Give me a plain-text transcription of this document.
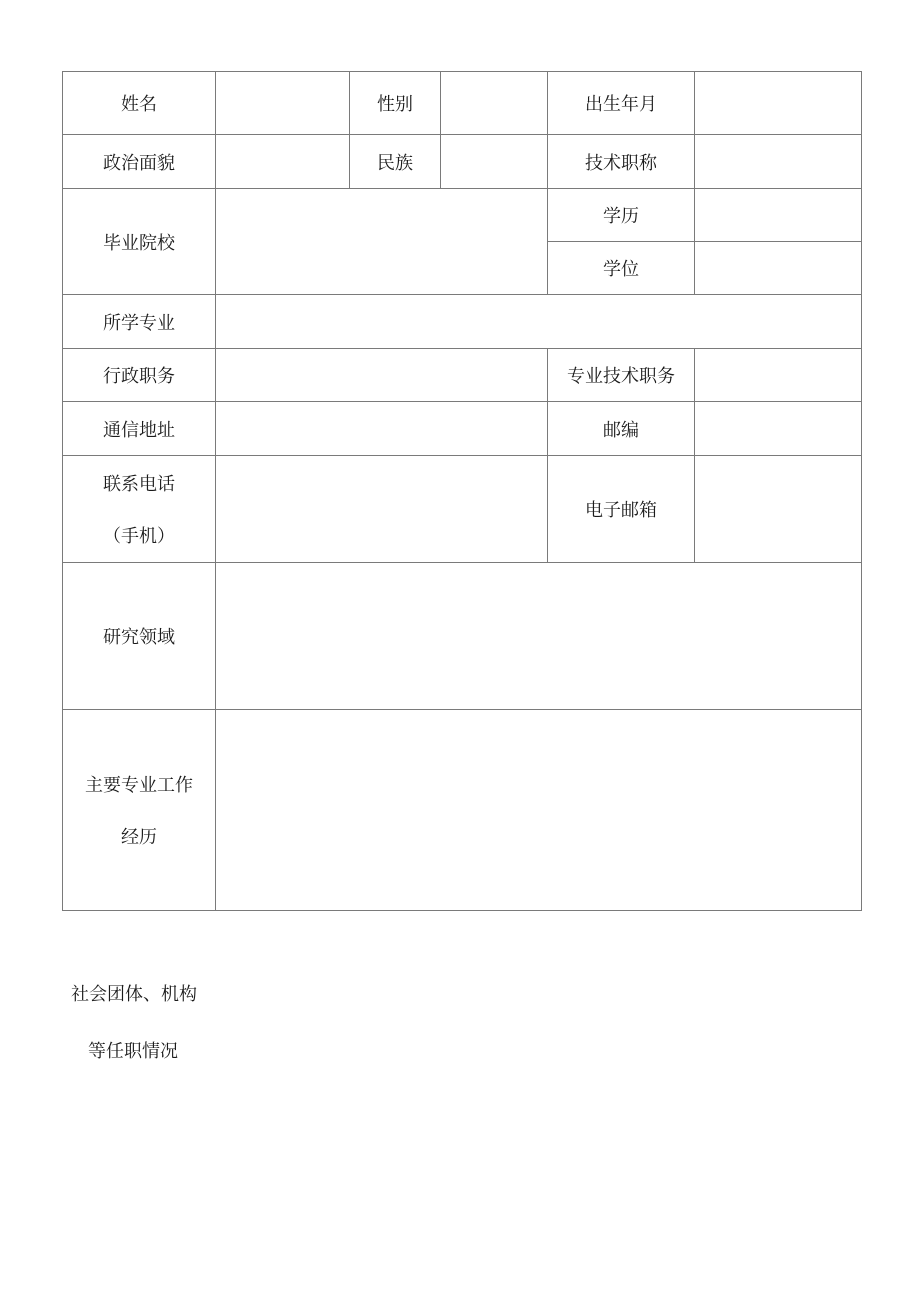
姓名		性别		出生年月	
政治面貌		民族		技术职称	
毕业院校				学历	
				学位	
所学专业					
行政职务				专业技术职务	
通信地址				邮编	

联系电话
（手机）				电子邮箱	
研究领域					

主要专业工作
经历					

社会团体、机构
等任职情况
